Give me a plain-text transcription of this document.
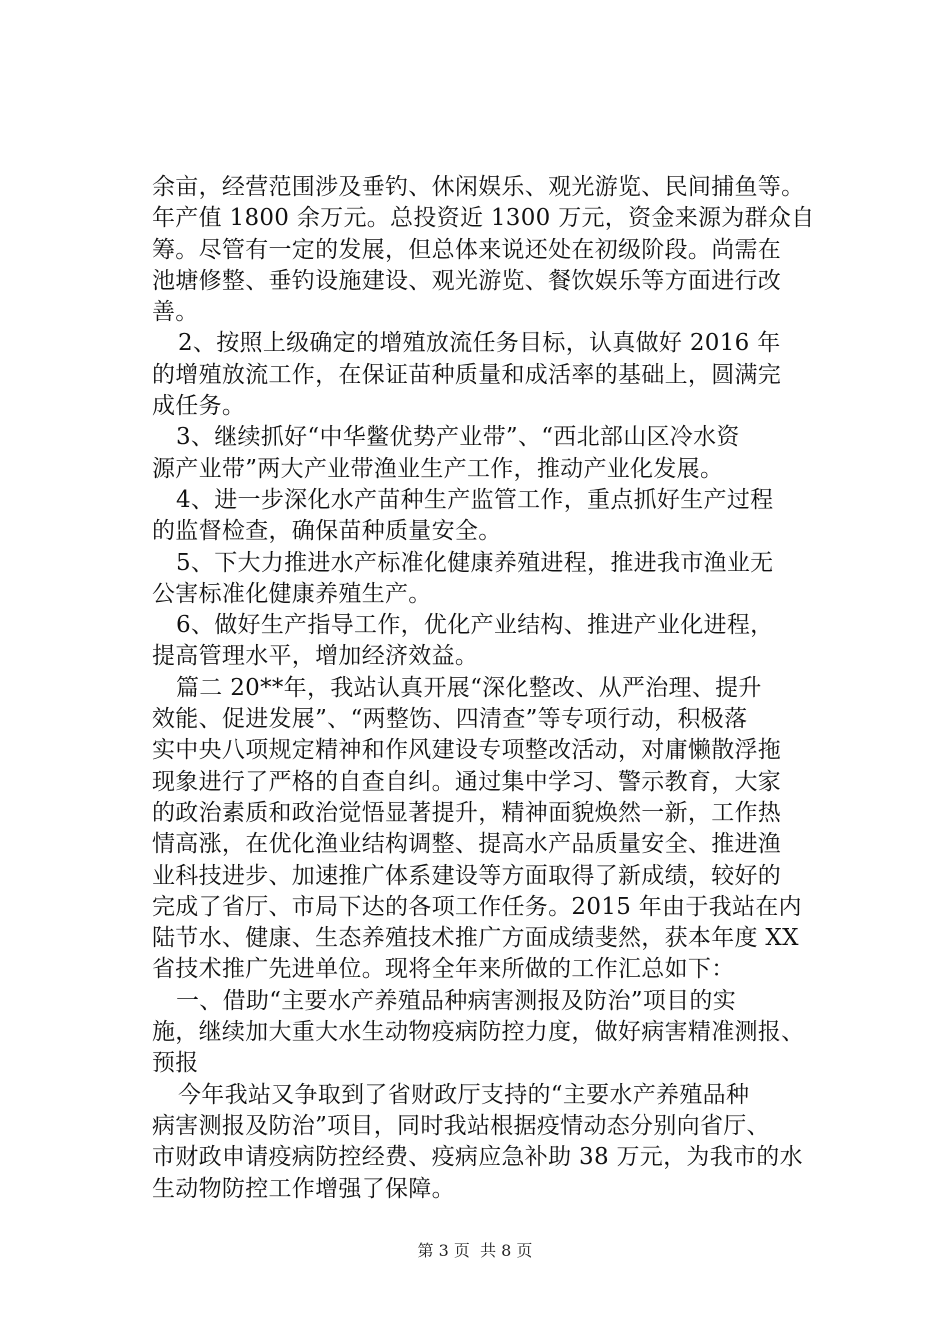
余亩，经营范围涉及垂钓、休闲娱乐、观光游览、民间捕鱼等。
年产值 1800 余万元。总投资近 1300 万元，资金来源为群众自
筹。尽管有一定的发展，但总体来说还处在初级阶段。尚需在
池塘修整、垂钓设施建设、观光游览、餐饮娱乐等方面进行改
善。
2、按照上级确定的增殖放流任务目标，认真做好 2016 年
的增殖放流工作，在保证苗种质量和成活率的基础上，圆满完
成任务。
3、继续抓好“中华鳖优势产业带”、“西北部山区冷水资
源产业带”两大产业带渔业生产工作，推动产业化发展。
4、进一步深化水产苗种生产监管工作，重点抓好生产过程
的监督检查，确保苗种质量安全。
5、下大力推进水产标准化健康养殖进程，推进我市渔业无
公害标准化健康养殖生产。
6、做好生产指导工作，优化产业结构、推进产业化进程，
提高管理水平，增加经济效益。
篇二 20**年，我站认真开展“深化整改、从严治理、提升
效能、促进发展”、“两整饬、四清查”等专项行动，积极落
实中央八项规定精神和作风建设专项整改活动，对庸懒散浮拖
现象进行了严格的自查自纠。通过集中学习、警示教育，大家
的政治素质和政治觉悟显著提升，精神面貌焕然一新，工作热
情高涨，在优化渔业结构调整、提高水产品质量安全、推进渔
业科技进步、加速推广体系建设等方面取得了新成绩，较好的
完成了省厅、市局下达的各项工作任务。2015 年由于我站在内
陆节水、健康、生态养殖技术推广方面成绩斐然，获本年度 XX
省技术推广先进单位。现将全年来所做的工作汇总如下：
一、借助“主要水产养殖品种病害测报及防治”项目的实
施，继续加大重大水生动物疫病防控力度，做好病害精准测报、
预报
今年我站又争取到了省财政厅支持的“主要水产养殖品种
病害测报及防治”项目，同时我站根据疫情动态分别向省厅、
市财政申请疫病防控经费、疫病应急补助 38 万元，为我市的水
生动物防控工作增强了保障。
第 3 页  共 8 页
